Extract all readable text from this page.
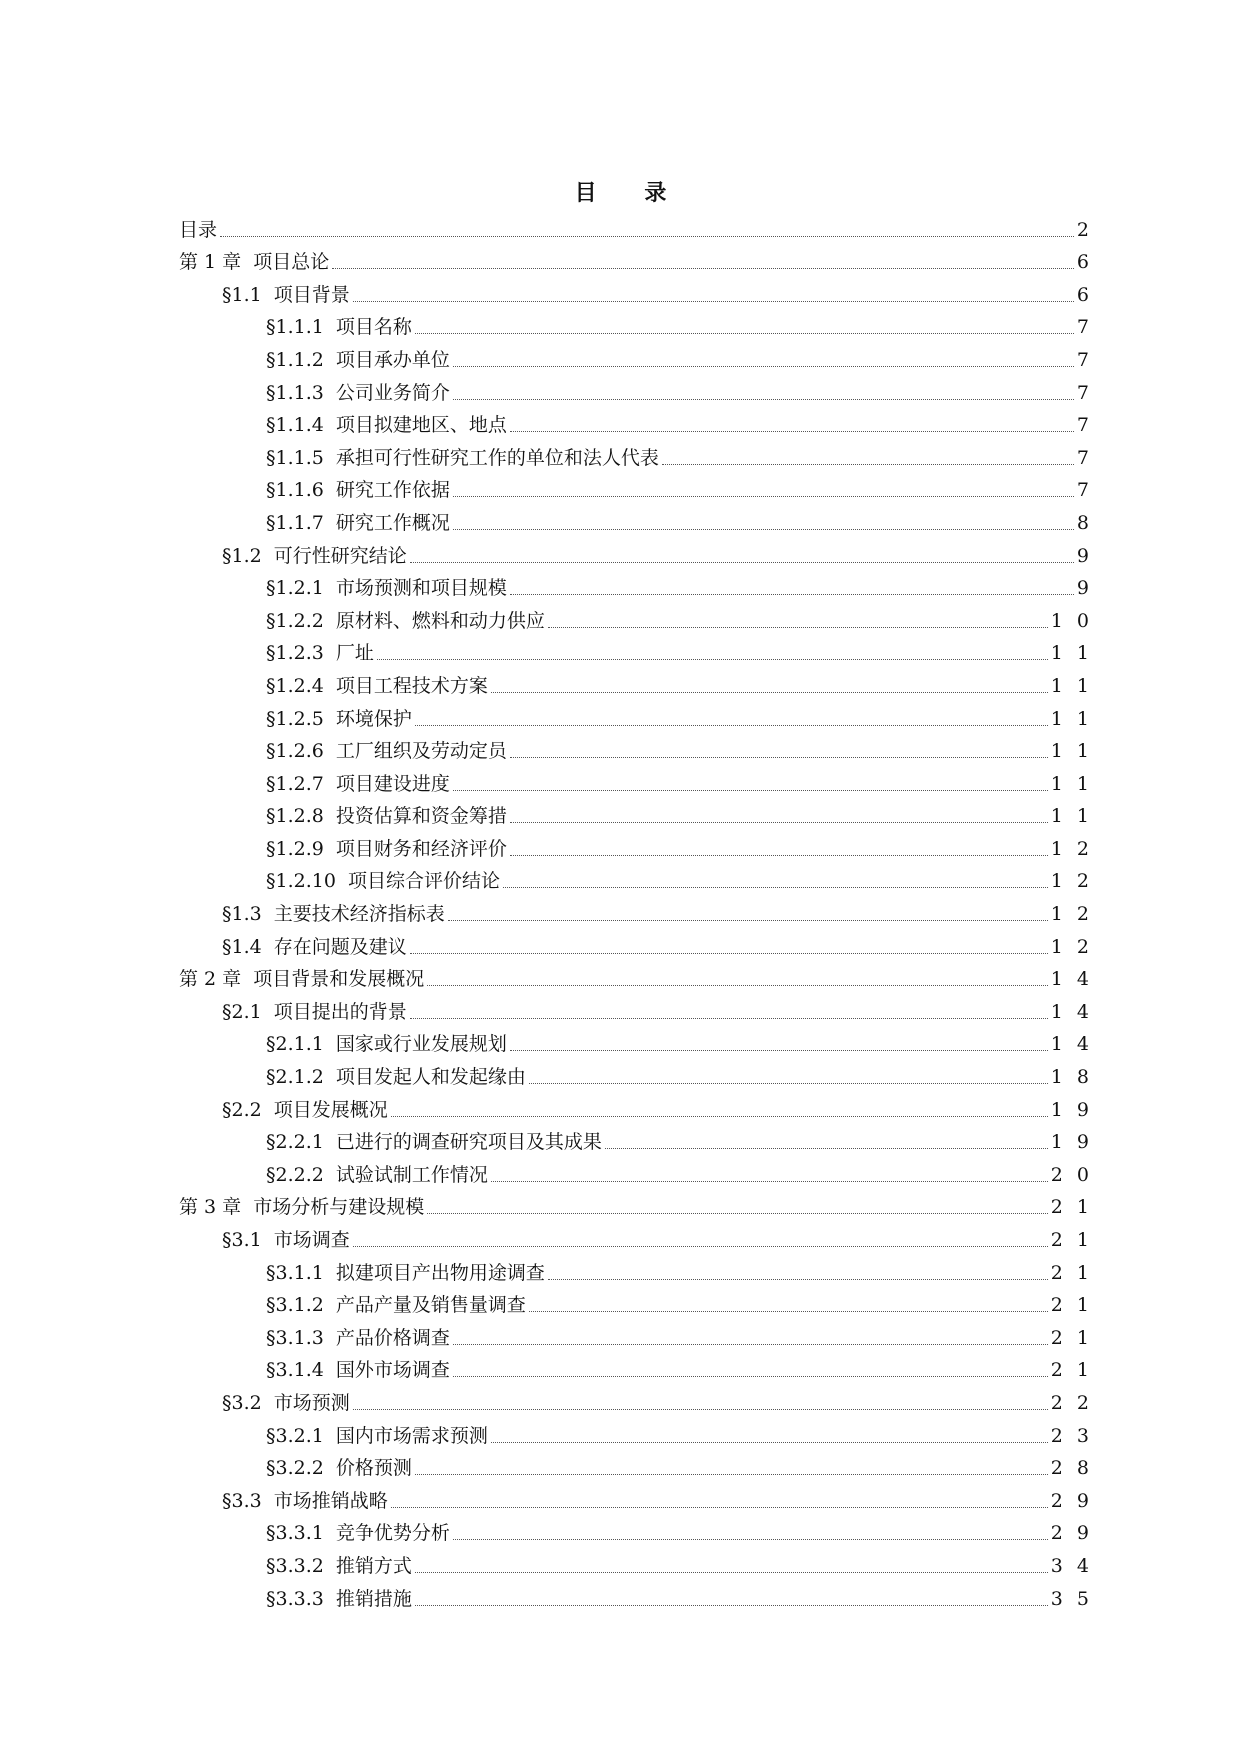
目 录
目录	2
第 1 章  项目总论	6
§1.1  项目背景	6
§1.1.1  项目名称	7
§1.1.2  项目承办单位	7
§1.1.3  公司业务简介	7
§1.1.4  项目拟建地区、地点	7
§1.1.5  承担可行性研究工作的单位和法人代表	7
§1.1.6  研究工作依据	7
§1.1.7  研究工作概况	8
§1.2  可行性研究结论	9
§1.2.1  市场预测和项目规模	9
§1.2.2  原材料、燃料和动力供应	1 0
§1.2.3  厂址	1 1
§1.2.4  项目工程技术方案	1 1
§1.2.5  环境保护	1 1
§1.2.6  工厂组织及劳动定员	1 1
§1.2.7  项目建设进度	1 1
§1.2.8  投资估算和资金筹措	1 1
§1.2.9  项目财务和经济评价	1 2
§1.2.10  项目综合评价结论	1 2
§1.3  主要技术经济指标表	1 2
§1.4  存在问题及建议	1 2
第 2 章  项目背景和发展概况	1 4
§2.1  项目提出的背景	1 4
§2.1.1  国家或行业发展规划	1 4
§2.1.2  项目发起人和发起缘由	1 8
§2.2  项目发展概况	1 9
§2.2.1  已进行的调查研究项目及其成果	1 9
§2.2.2  试验试制工作情况	2 0
第 3 章  市场分析与建设规模	2 1
§3.1  市场调查	2 1
§3.1.1  拟建项目产出物用途调查	2 1
§3.1.2  产品产量及销售量调查	2 1
§3.1.3  产品价格调查	2 1
§3.1.4  国外市场调查	2 1
§3.2  市场预测	2 2
§3.2.1  国内市场需求预测	2 3
§3.2.2  价格预测	2 8
§3.3  市场推销战略	2 9
§3.3.1  竞争优势分析	2 9
§3.3.2  推销方式	3 4
§3.3.3  推销措施	3 5
